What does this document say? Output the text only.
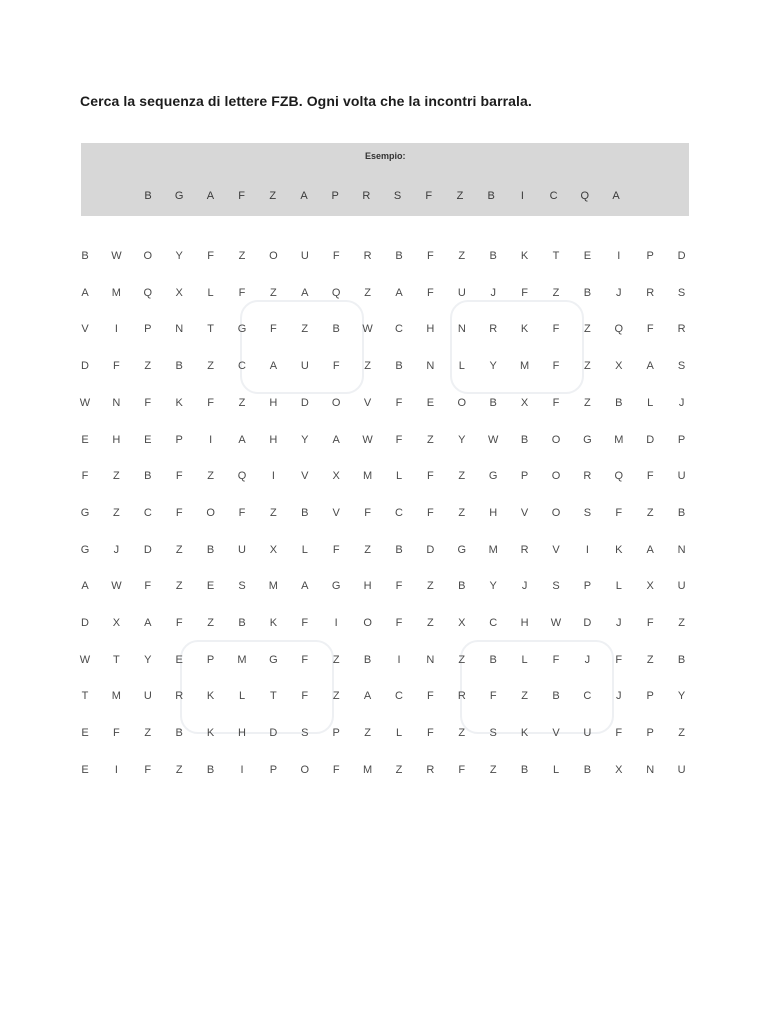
Cerca la sequenza di lettere FZB. Ogni volta che la incontri barrala.
Esempio:
B	G	A	F	Z	A	P	R	S	F	Z	B	I	C Q	A
B	W	O	Y	F	Z	O	U	F	R	B	F	Z	B	K	T	E	I	P	D
A	M	Q	X	L	F	Z	A	Q	Z	A	F	U	J	F	Z	B	J	R	S
V	I	P	N	T	G	F	Z	B	W	C	H	N	R	K	F	Z	Q	F	R
D	F	Z	B	Z	C	A	U	F	Z	B	N	L	Y	M	F	Z	X	A	S
W	N	F	K	F	Z	H	D	O	V	F	E	O	B	X	F	Z	B	L	J
E	H	E	P	I	A	H	Y	A	W	F	Z	Y	W	B	O	G	M	D	P
F	Z	B	F	Z	Q	I	V	X	M	L	F	Z	G	P	O	R	Q	F	U
G	Z	C	F	O	F	Z	B	V	F	C	F	Z	H	V	O	S	F	Z	B
G	J	D	Z	B	U	X	L	F	Z	B	D	G	M	R	V	I	K	A	N
A	W	F	Z	E	S	M	A	G	H	F	Z	B	Y	J	S	P	L	X	U
D	X	A	F	Z	B	K	F	I	O	F	Z	X	C	H	W	D	J	F	Z
W	T	Y	E	P	M	G	F	Z	B	I	N	Z	B	L	F	J	F	Z	B
T	M	U	R	K	L	T	F	Z	A	C	F	R	F	Z	B	C	J	P	Y
E	F	Z	B	K	H	D	S	P	Z	L	F	Z	S	K	V	U	F	P	Z
E	I	F	Z	B	I	P	O	F	M	Z	R	F	Z	B	L	B	X	N	U
